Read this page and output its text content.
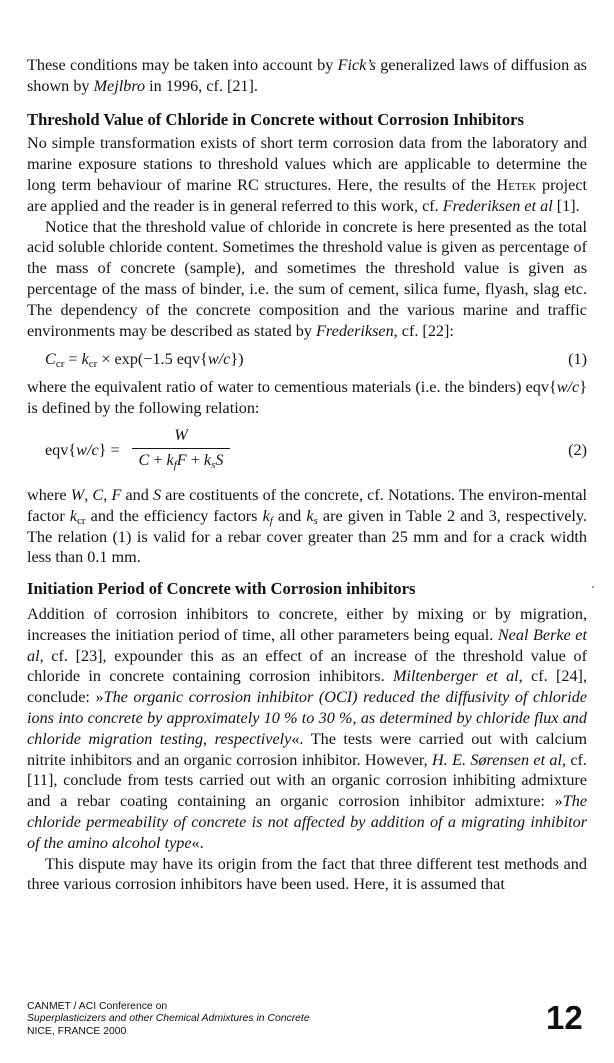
These conditions may be taken into account by Fick’s generalized laws of diffusion as shown by Mejlbro in 1996, cf. [21].

Threshold Value of Chloride in Concrete without Corrosion Inhibitors

No simple transformation exists of short term corrosion data from the laboratory and marine exposure stations to threshold values which are applicable to determine the long term behaviour of marine RC structures. Here, the results of the Hetek project are applied and the reader is in general referred to this work, cf. Frederiksen et al [1].

Notice that the threshold value of chloride in concrete is here presented as the total acid soluble chloride content. Sometimes the threshold value is given as percentage of the mass of concrete (sample), and sometimes the threshold value is given as percentage of the mass of binder, i.e. the sum of cement, silica fume, flyash, slag etc. The dependency of the concrete composition and the various marine and traffic environments may be described as stated by Frederiksen, cf. [22]:

$C_{cr} = k_{cr} \times \exp(-1.5$ eqv{w/c})	(1)

where the equivalent ratio of water to cementious materials (i.e. the binders) eqv{w/c} is defined by the following relation:

eqv{w/c} =
W
$C + k_fF + k_sS$
(2)

where W, C, F and S are costituents of the concrete, cf. Notations. The environ-mental factor $k_{cr}$ and the efficiency factors $k_f$ and $k_s$ are given in Table 2 and 3, respectively. The relation (1) is valid for a rebar cover greater than 25 mm and for a crack width less than 0.1 mm.

Initiation Period of Concrete with Corrosion inhibitors

Addition of corrosion inhibitors to concrete, either by mixing or by migration, increases the initiation period of time, all other parameters being equal. Neal Berke et al, cf. [23], expounder this as an effect of an increase of the threshold value of chloride in concrete containing corrosion inhibitors. Miltenberger et al, cf. [24], conclude: »The organic corrosion inhibitor (OCI) reduced the diffusivity of chloride ions into concrete by approximately 10 % to 30 %, as determined by chloride flux and chloride migration testing, respectively«. The tests were carried out with calcium nitrite inhibitors and an organic corrosion inhibitor. However, H. E. Sørensen et al, cf. [11], conclude from tests carried out with an organic corrosion inhibiting admixture and a rebar coating containing an organic corrosion inhibitor admixture: »The chloride permeability of concrete is not affected by addition of a migrating inhibitor of the amino alcohol type«.

This dispute may have its origin from the fact that three different test methods and three various corrosion inhibitors have been used. Here, it is assumed that

CANMET / ACI Conference on
Superplasticizers and other Chemical Admixtures in Concrete
NICE, FRANCE 2000	12
